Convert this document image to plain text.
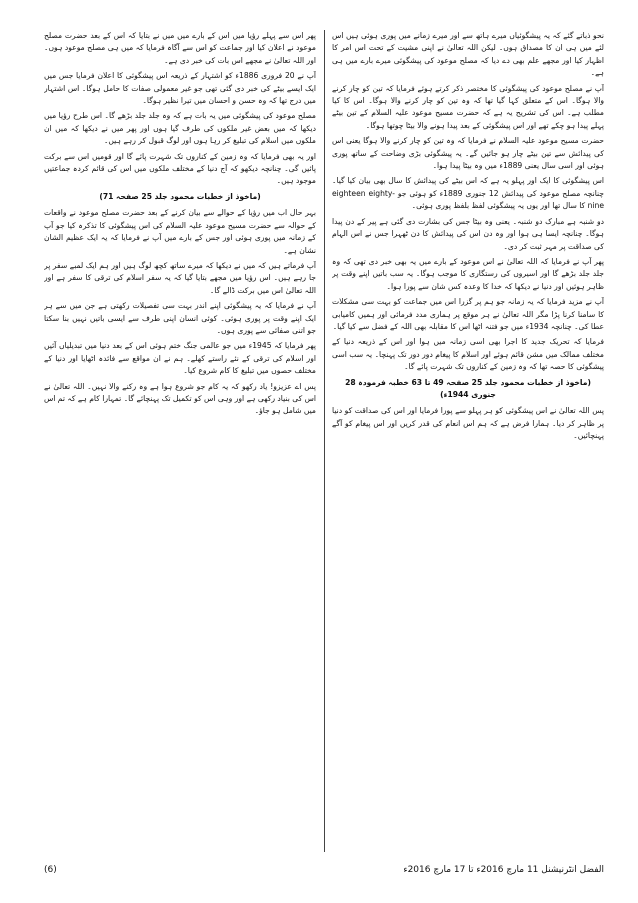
نحو ذباتے گئے کہ یہ پیشگوئیاں میرے ہاتھ سے اور میرے زمانے میں پوری ہوئی ہیں اس لئے میں ہی ان کا مصداق ہوں۔ لیکن اللہ تعالیٰ نے اپنی مشیت کے تحت اس امر کا اظہار کیا اور مجھے علم بھی دے دیا کہ مصلح موعود کی پیشگوئی میرے بارے میں ہی ہے۔

آپ نے مصلح موعود کی پیشگوئی کا مختصر ذکر کرتے ہوئے فرمایا کہ تین کو چار کرنے والا ہوگا۔ اس کے متعلق کہا گیا تھا کہ وہ تین کو چار کرنے والا ہوگا۔ اس کا کیا مطلب ہے۔ اس کی تشریح یہ ہے کہ حضرت مسیح موعود علیہ السلام کے تین بیٹے پہلے پیدا ہو چکے تھے اور اس پیشگوئی کے بعد پیدا ہونے والا بیٹا چوتھا ہوگا۔

حضرت مسیح موعود علیہ السلام نے فرمایا کہ وہ تین کو چار کرنے والا ہوگا یعنی اس کی پیدائش سے تین بیٹے چار ہو جائیں گے۔ یہ پیشگوئی بڑی وضاحت کے ساتھ پوری ہوئی اور اسی سال یعنی 1889ء میں وہ بیٹا پیدا ہوا۔

اس پیشگوئی کا ایک اور پہلو یہ ہے کہ اس بیٹے کی پیدائش کا سال بھی بیان کیا گیا۔ چنانچہ مصلح موعود کی پیدائش 12 جنوری 1889ء کو ہوئی جو eighteen eighty-nine کا سال تھا اور یوں یہ پیشگوئی لفظ بلفظ پوری ہوئی۔

دو شنبہ ہے مبارک دو شنبہ۔ یعنی وہ بیٹا جس کی بشارت دی گئی ہے پیر کے دن پیدا ہوگا۔ چنانچہ ایسا ہی ہوا اور وہ دن اس کی پیدائش کا دن ٹھہرا جس نے اس الہام کی صداقت پر مہر ثبت کر دی۔

پھر آپ نے فرمایا کہ اللہ تعالیٰ نے اس موعود کے بارے میں یہ بھی خبر دی تھی کہ وہ جلد جلد بڑھے گا اور اسیروں کی رستگاری کا موجب ہوگا۔ یہ سب باتیں اپنے وقت پر ظاہر ہوئیں اور دنیا نے دیکھا کہ خدا کا وعدہ کس شان سے پورا ہوا۔

آپ نے مزید فرمایا کہ یہ زمانہ جو ہم پر گزرا اس میں جماعت کو بہت سی مشکلات کا سامنا کرنا پڑا مگر اللہ تعالیٰ نے ہر موقع پر ہماری مدد فرمائی اور ہمیں کامیابی عطا کی۔ چنانچہ 1934ء میں جو فتنہ اٹھا اس کا مقابلہ بھی اللہ کے فضل سے کیا گیا۔

فرمایا کہ تحریک جدید کا اجرا بھی اسی زمانہ میں ہوا اور اس کے ذریعہ دنیا کے مختلف ممالک میں مشن قائم ہوئے اور اسلام کا پیغام دور دور تک پہنچا۔ یہ سب اسی پیشگوئی کا حصہ تھا کہ وہ زمین کے کناروں تک شہرت پائے گا۔

(ماخوذ از خطبات محمود جلد 25 صفحہ 49 تا 63 خطبہ فرمودہ 28 جنوری 1944ء)

پس اللہ تعالیٰ نے اس پیشگوئی کو ہر پہلو سے پورا فرمایا اور اس کی صداقت کو دنیا پر ظاہر کر دیا۔ ہمارا فرض ہے کہ ہم اس انعام کی قدر کریں اور اس پیغام کو آگے پہنچائیں۔

پھر اس سے پہلے رؤیا میں اس کے بارے میں میں نے بتایا کہ اس کے بعد حضرت مصلح موعود نے اعلان کیا اور جماعت کو اس سے آگاہ فرمایا کہ میں ہی مصلح موعود ہوں۔ اور اللہ تعالیٰ نے مجھے اس بات کی خبر دی ہے۔

آپ نے 20 فروری 1886ء کو اشتہار کے ذریعہ اس پیشگوئی کا اعلان فرمایا جس میں ایک ایسے بیٹے کی خبر دی گئی تھی جو غیر معمولی صفات کا حامل ہوگا۔ اس اشتہار میں درج تھا کہ وہ حسن و احسان میں تیرا نظیر ہوگا۔

مصلح موعود کی پیشگوئی میں یہ بات ہے کہ وہ جلد جلد بڑھے گا۔ اس طرح رؤیا میں دیکھا کہ میں بعض غیر ملکوں کی طرف گیا ہوں اور پھر میں نے دیکھا کہ میں ان ملکوں میں اسلام کی تبلیغ کر رہا ہوں اور لوگ قبول کر رہے ہیں۔

اور یہ بھی فرمایا کہ وہ زمین کے کناروں تک شہرت پائے گا اور قومیں اس سے برکت پائیں گی۔ چنانچہ دیکھو کہ آج دنیا کے مختلف ملکوں میں اس کی قائم کردہ جماعتیں موجود ہیں۔

(ماخوذ از خطبات محمود جلد 25 صفحہ 71)

بہر حال اب میں رؤیا کے حوالے سے بیان کرنے کے بعد حضرت مصلح موعود نے واقعات کے حوالہ سے حضرت مسیح موعود علیہ السلام کی اس پیشگوئی کا تذکرہ کیا جو آپ کے زمانہ میں پوری ہوئی اور جس کے بارے میں آپ نے فرمایا کہ یہ ایک عظیم الشان نشان ہے۔

آپ فرماتے ہیں کہ میں نے دیکھا کہ میرے ساتھ کچھ لوگ ہیں اور ہم ایک لمبے سفر پر جا رہے ہیں۔ اس رؤیا میں مجھے بتایا گیا کہ یہ سفر اسلام کی ترقی کا سفر ہے اور اللہ تعالیٰ اس میں برکت ڈالے گا۔

آپ نے فرمایا کہ یہ پیشگوئی اپنے اندر بہت سی تفصیلات رکھتی ہے جن میں سے ہر ایک اپنے وقت پر پوری ہوئی۔ کوئی انسان اپنی طرف سے ایسی باتیں نہیں بنا سکتا جو اتنی صفائی سے پوری ہوں۔

پھر فرمایا کہ 1945ء میں جو عالمی جنگ ختم ہوئی اس کے بعد دنیا میں تبدیلیاں آئیں اور اسلام کی ترقی کے نئے راستے کھلے۔ ہم نے ان مواقع سے فائدہ اٹھایا اور دنیا کے مختلف حصوں میں تبلیغ کا کام شروع کیا۔

پس اے عزیزو! یاد رکھو کہ یہ کام جو شروع ہوا ہے وہ رکنے والا نہیں۔ اللہ تعالیٰ نے اس کی بنیاد رکھی ہے اور وہی اس کو تکمیل تک پہنچائے گا۔ تمہارا کام ہے کہ تم اس میں شامل ہو جاؤ۔

(6)	الفضل انٹرنیشنل 11 مارچ 2016ء تا 17 مارچ 2016ء
